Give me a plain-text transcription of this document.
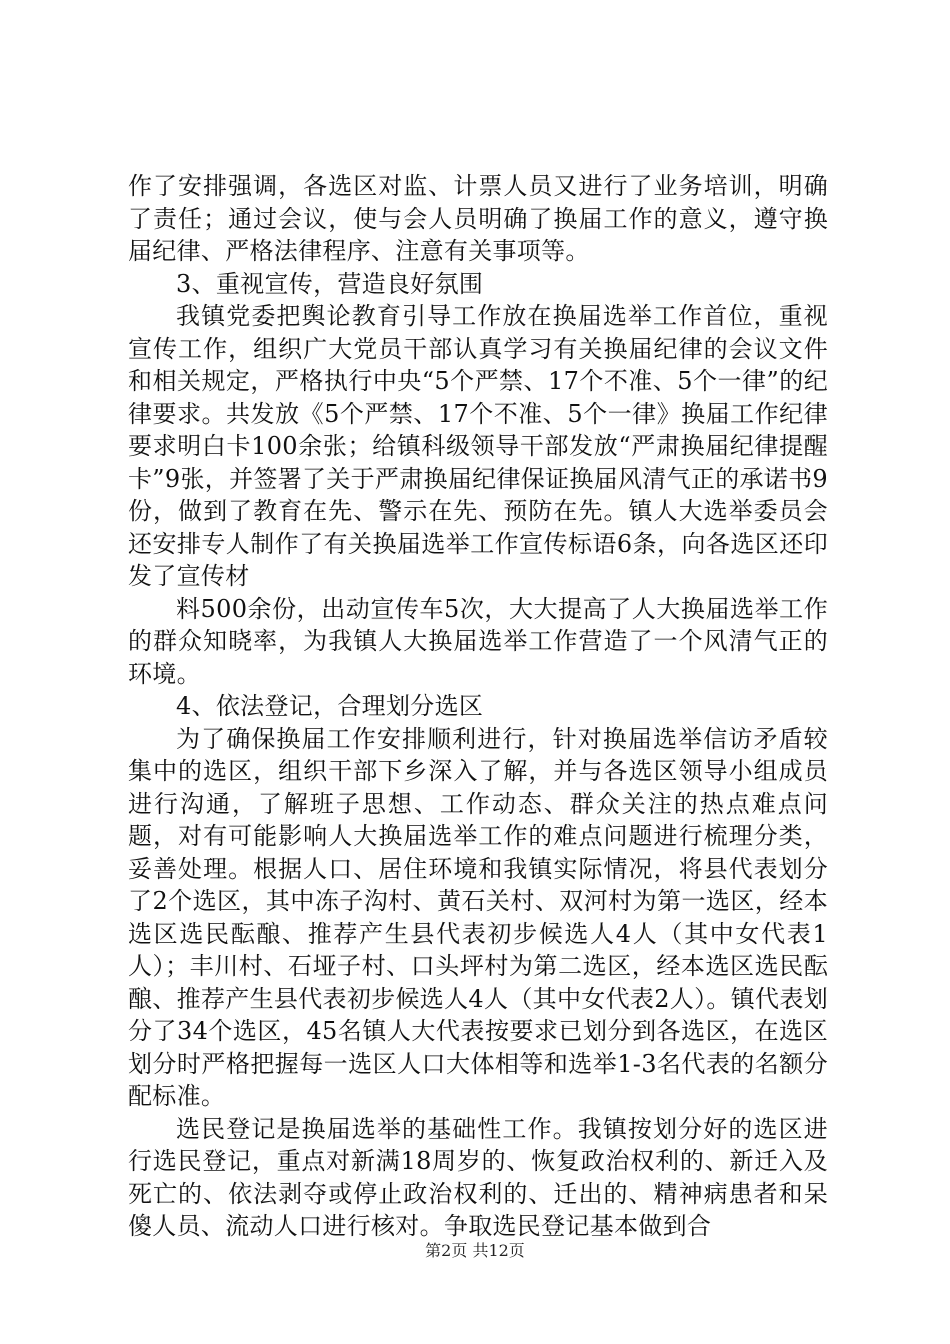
作了安排强调，各选区对监、计票人员又进行了业务培训，明确了责任；通过会议，使与会人员明确了换届工作的意义，遵守换届纪律、严格法律程序、注意有关事项等。

3、重视宣传，营造良好氛围

我镇党委把舆论教育引导工作放在换届选举工作首位，重视宣传工作，组织广大党员干部认真学习有关换届纪律的会议文件和相关规定，严格执行中央“5个严禁、17个不准、5个一律”的纪律要求。共发放《5个严禁、17个不准、5个一律》换届工作纪律要求明白卡100余张；给镇科级领导干部发放“严肃换届纪律提醒卡”9张，并签署了关于严肃换届纪律保证换届风清气正的承诺书9份，做到了教育在先、警示在先、预防在先。镇人大选举委员会还安排专人制作了有关换届选举工作宣传标语6条，向各选区还印发了宣传材

料500余份，出动宣传车5次，大大提高了人大换届选举工作的群众知晓率，为我镇人大换届选举工作营造了一个风清气正的环境。

4、依法登记，合理划分选区

为了确保换届工作安排顺利进行，针对换届选举信访矛盾较集中的选区，组织干部下乡深入了解，并与各选区领导小组成员进行沟通，了解班子思想、工作动态、群众关注的热点难点问题，对有可能影响人大换届选举工作的难点问题进行梳理分类，妥善处理。根据人口、居住环境和我镇实际情况，将县代表划分了2个选区，其中冻子沟村、黄石关村、双河村为第一选区，经本选区选民酝酿、推荐产生县代表初步候选人4人（其中女代表1人）；丰川村、石垭子村、口头坪村为第二选区，经本选区选民酝酿、推荐产生县代表初步候选人4人（其中女代表2人）。镇代表划分了34个选区，45名镇人大代表按要求已划分到各选区，在选区划分时严格把握每一选区人口大体相等和选举1-3名代表的名额分配标准。

选民登记是换届选举的基础性工作。我镇按划分好的选区进行选民登记，重点对新满18周岁的、恢复政治权利的、新迁入及死亡的、依法剥夺或停止政治权利的、迁出的、精神病患者和呆傻人员、流动人口进行核对。争取选民登记基本做到合

第2页 共12页
